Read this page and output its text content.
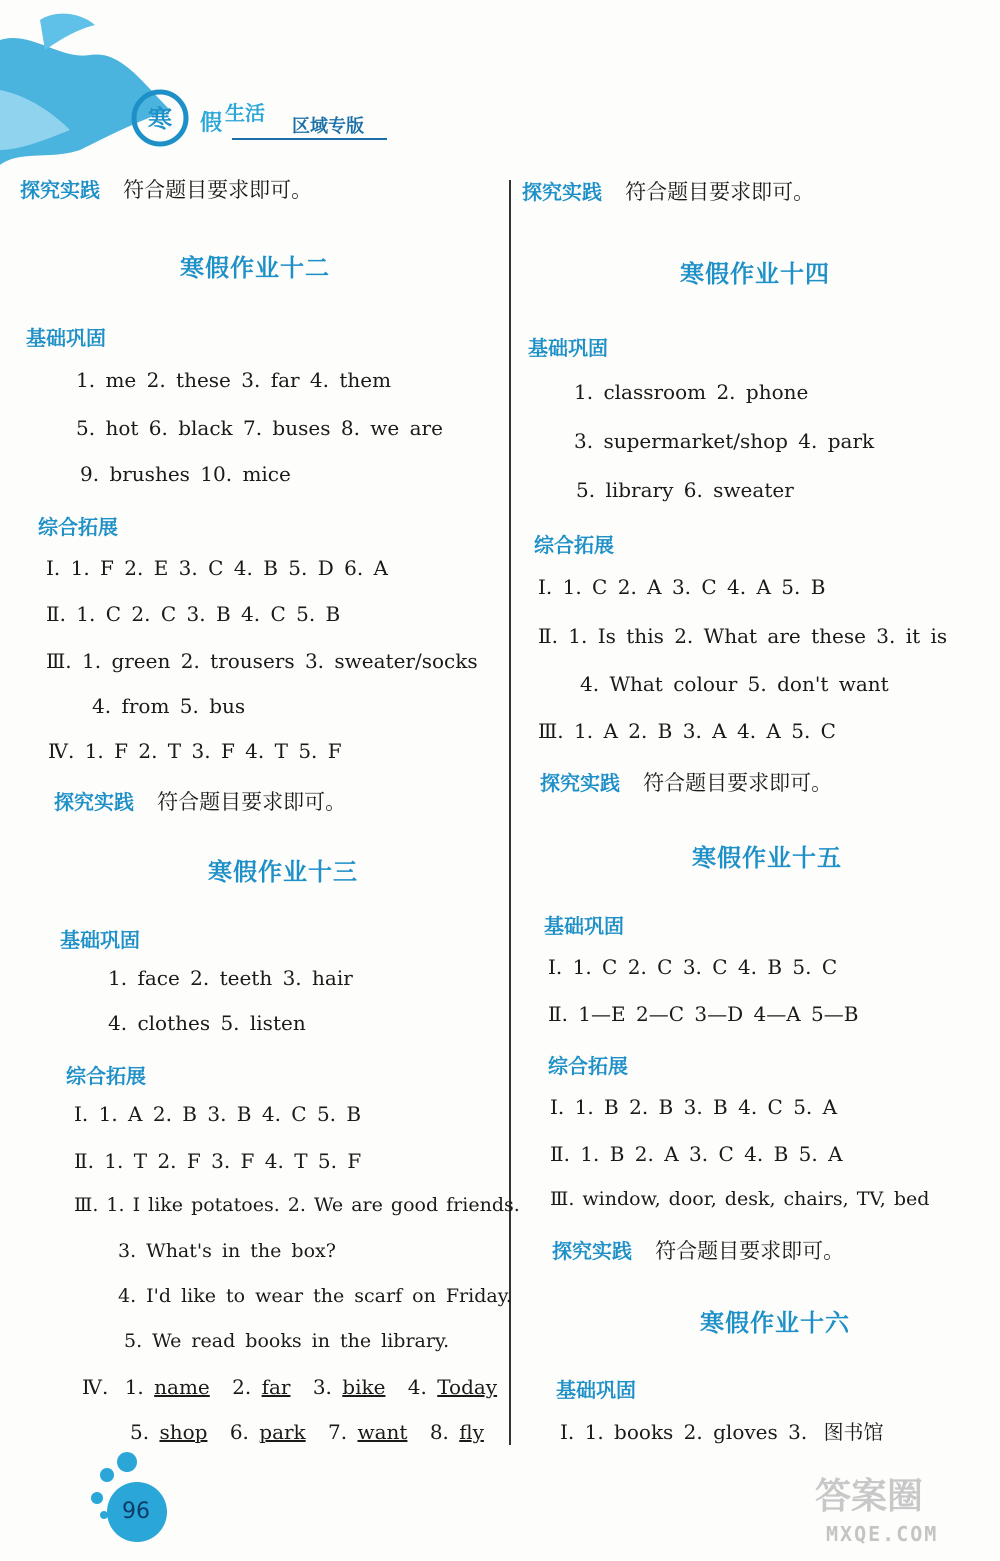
寒 假 生活
区域专版
探究实践 符合题目要求即可。
寒假作业十二
基础巩固
1. me 2. these 3. far 4. them
5. hot 6. black 7. buses 8. we are
9. brushes 10. mice
综合拓展
Ⅰ. 1. F 2. E 3. C 4. B 5. D 6. A
Ⅱ. 1. C 2. C 3. B 4. C 5. B
Ⅲ. 1. green 2. trousers 3. sweater/socks
4. from 5. bus
Ⅳ. 1. F 2. T 3. F 4. T 5. F
探究实践 符合题目要求即可。
寒假作业十三
基础巩固
1. face 2. teeth 3. hair
4. clothes 5. listen
综合拓展
Ⅰ. 1. A 2. B 3. B 4. C 5. B
Ⅱ. 1. T 2. F 3. F 4. T 5. F
Ⅲ. 1. I like potatoes. 2. We are good friends.
3. What's in the box?
4. I'd like to wear the scarf on Friday.
5. We read books in the library.
Ⅳ. 1. name 2. far 3. bike 4. Today
5. shop 6. park 7. want 8. fly
探究实践 符合题目要求即可。
寒假作业十四
基础巩固
1. classroom 2. phone
3. supermarket/shop 4. park
5. library 6. sweater
综合拓展
Ⅰ. 1. C 2. A 3. C 4. A 5. B
Ⅱ. 1. Is this 2. What are these 3. it is
4. What colour 5. don't want
Ⅲ. 1. A 2. B 3. A 4. A 5. C
探究实践 符合题目要求即可。
寒假作业十五
基础巩固
Ⅰ. 1. C 2. C 3. C 4. B 5. C
Ⅱ. 1—E 2—C 3—D 4—A 5—B
综合拓展
Ⅰ. 1. B 2. B 3. B 4. C 5. A
Ⅱ. 1. B 2. A 3. C 4. B 5. A
Ⅲ. window, door, desk, chairs, TV, bed
探究实践 符合题目要求即可。
寒假作业十六
基础巩固
Ⅰ. 1. books 2. gloves 3. 图书馆
96	答案圈
MXQE.COM
